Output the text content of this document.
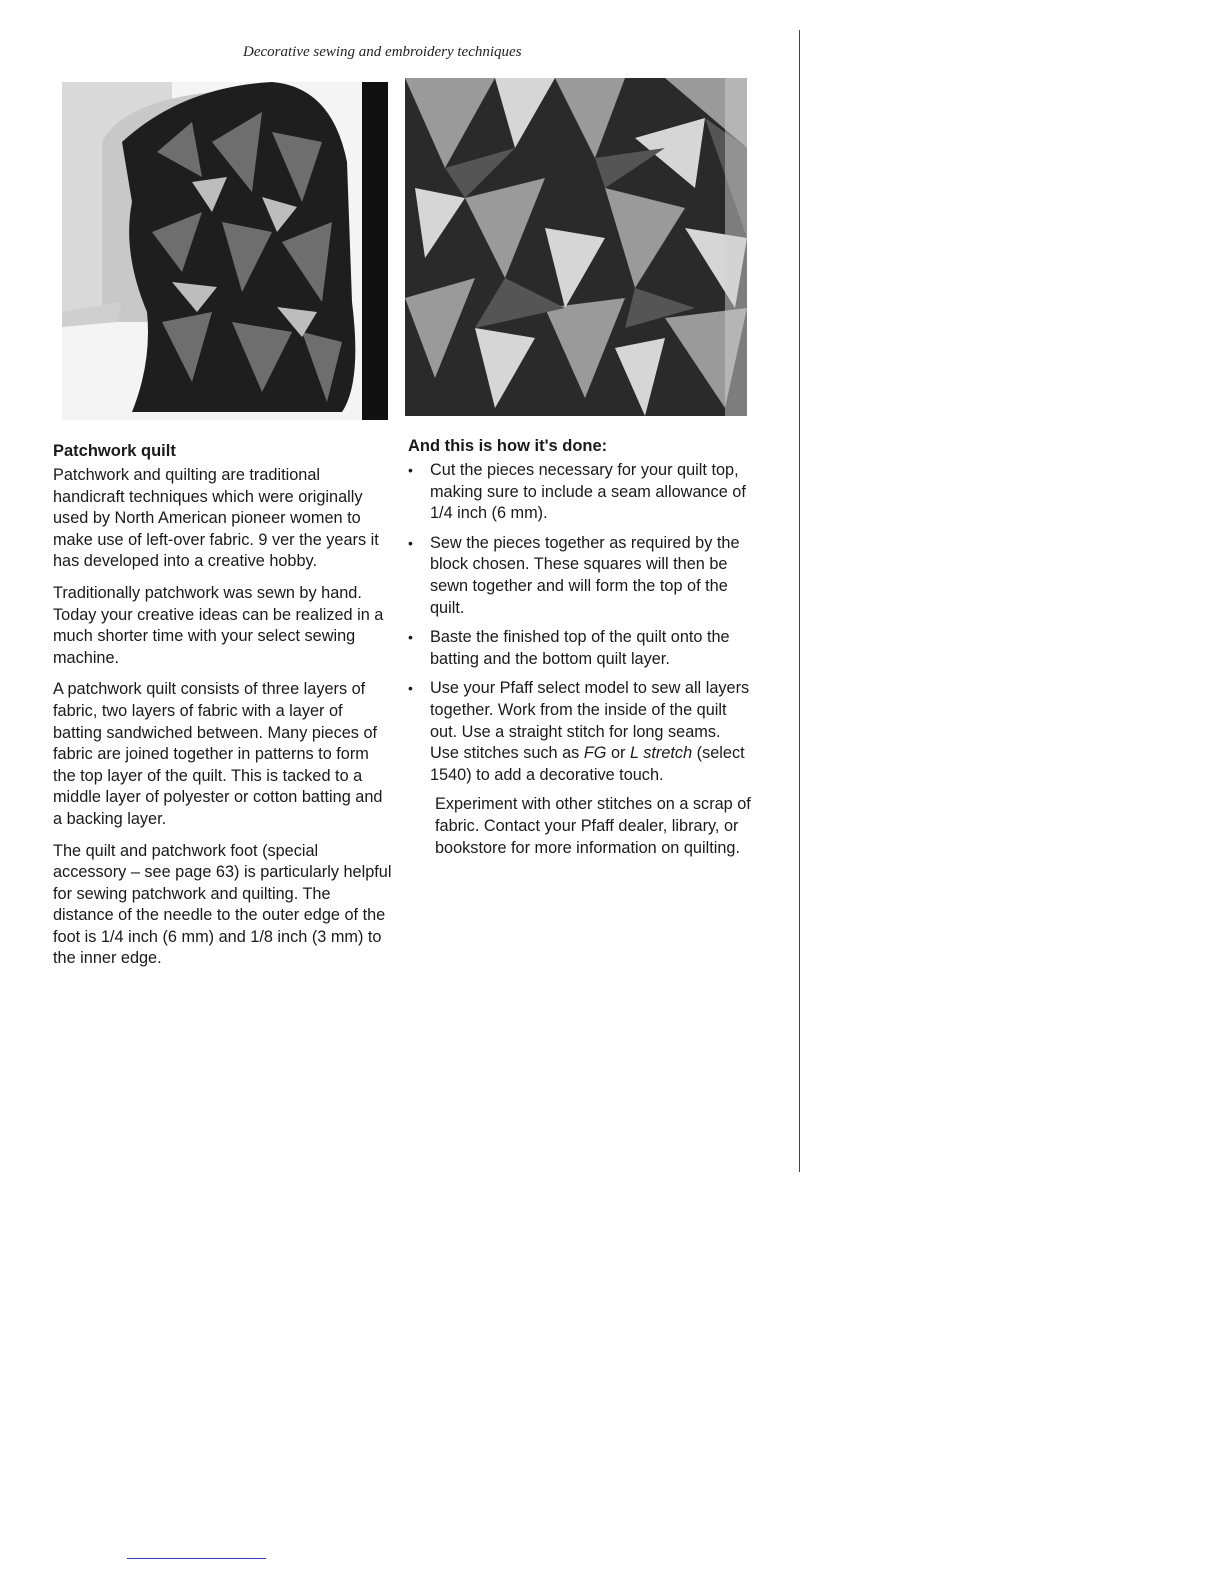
Decorative sewing and embroidery techniques
Patchwork quilt

Patchwork and quilting are traditional handicraft techniques which were originally used by North American pioneer women to make use of left-over fabric. 9 ver the years it has developed into a creative hobby.

Traditionally patchwork was sewn by hand. Today your creative ideas can be realized in a much shorter time with your select sewing machine.

A patchwork quilt consists of three layers of fabric, two layers of fabric with a layer of batting sandwiched between. Many pieces of fabric are joined together in patterns to form the top layer of the quilt. This is tacked to a middle layer of polyester or cotton batting and a backing layer.

The quilt and patchwork foot (special accessory – see page 63) is particularly helpful for sewing patchwork and quilting. The distance of the needle to the outer edge of the foot is 1/4 inch (6 mm) and 1/8 inch (3 mm) to the inner edge.

And this is how it's done:
• Cut the pieces necessary for your quilt top, making sure to include a seam allowance of 1/4 inch (6 mm).
• Sew the pieces together as required by the block chosen. These squares will then be sewn together and will form the top of the quilt.
• Baste the finished top of the quilt onto the batting and the bottom quilt layer.
• Use your Pfaff select model to sew all layers together. Work from the inside of the quilt out. Use a straight stitch for long seams. Use stitches such as FG or L stretch (select 1540) to add a decorative touch.

Experiment with other stitches on a scrap of fabric. Contact your Pfaff dealer, library, or bookstore for more information on quilting.
